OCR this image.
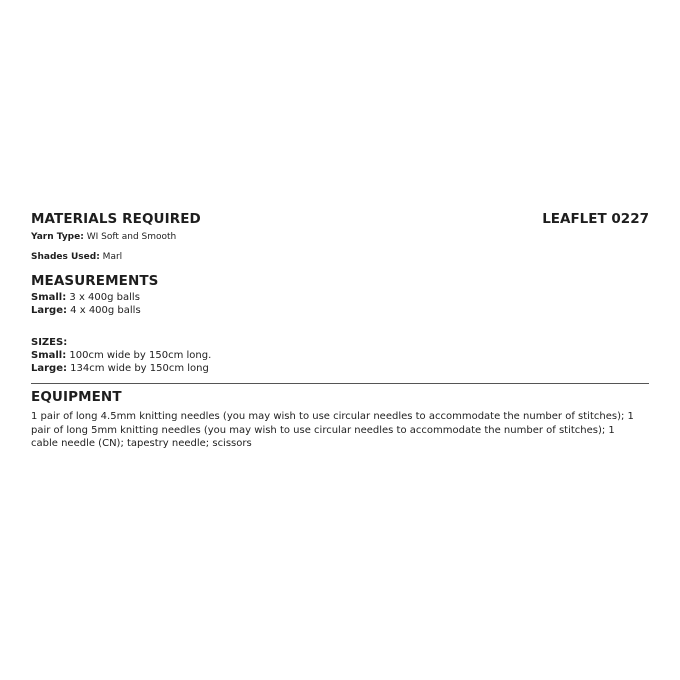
MATERIALS REQUIRED	LEAFLET 0227

Yarn Type: WI Soft and Smooth

Shades Used: Marl

MEASUREMENTS

Small: 3 x 400g balls

Large: 4 x 400g balls

SIZES:

Small: 100cm wide by 150cm long.

Large: 134cm wide by 150cm long

EQUIPMENT

1 pair of long 4.5mm knitting needles (you may wish to use circular needles to accommodate the number of stitches); 1 pair of long 5mm knitting needles (you may wish to use circular needles to accommodate the number of stitches); 1 cable needle (CN); tapestry needle; scissors
